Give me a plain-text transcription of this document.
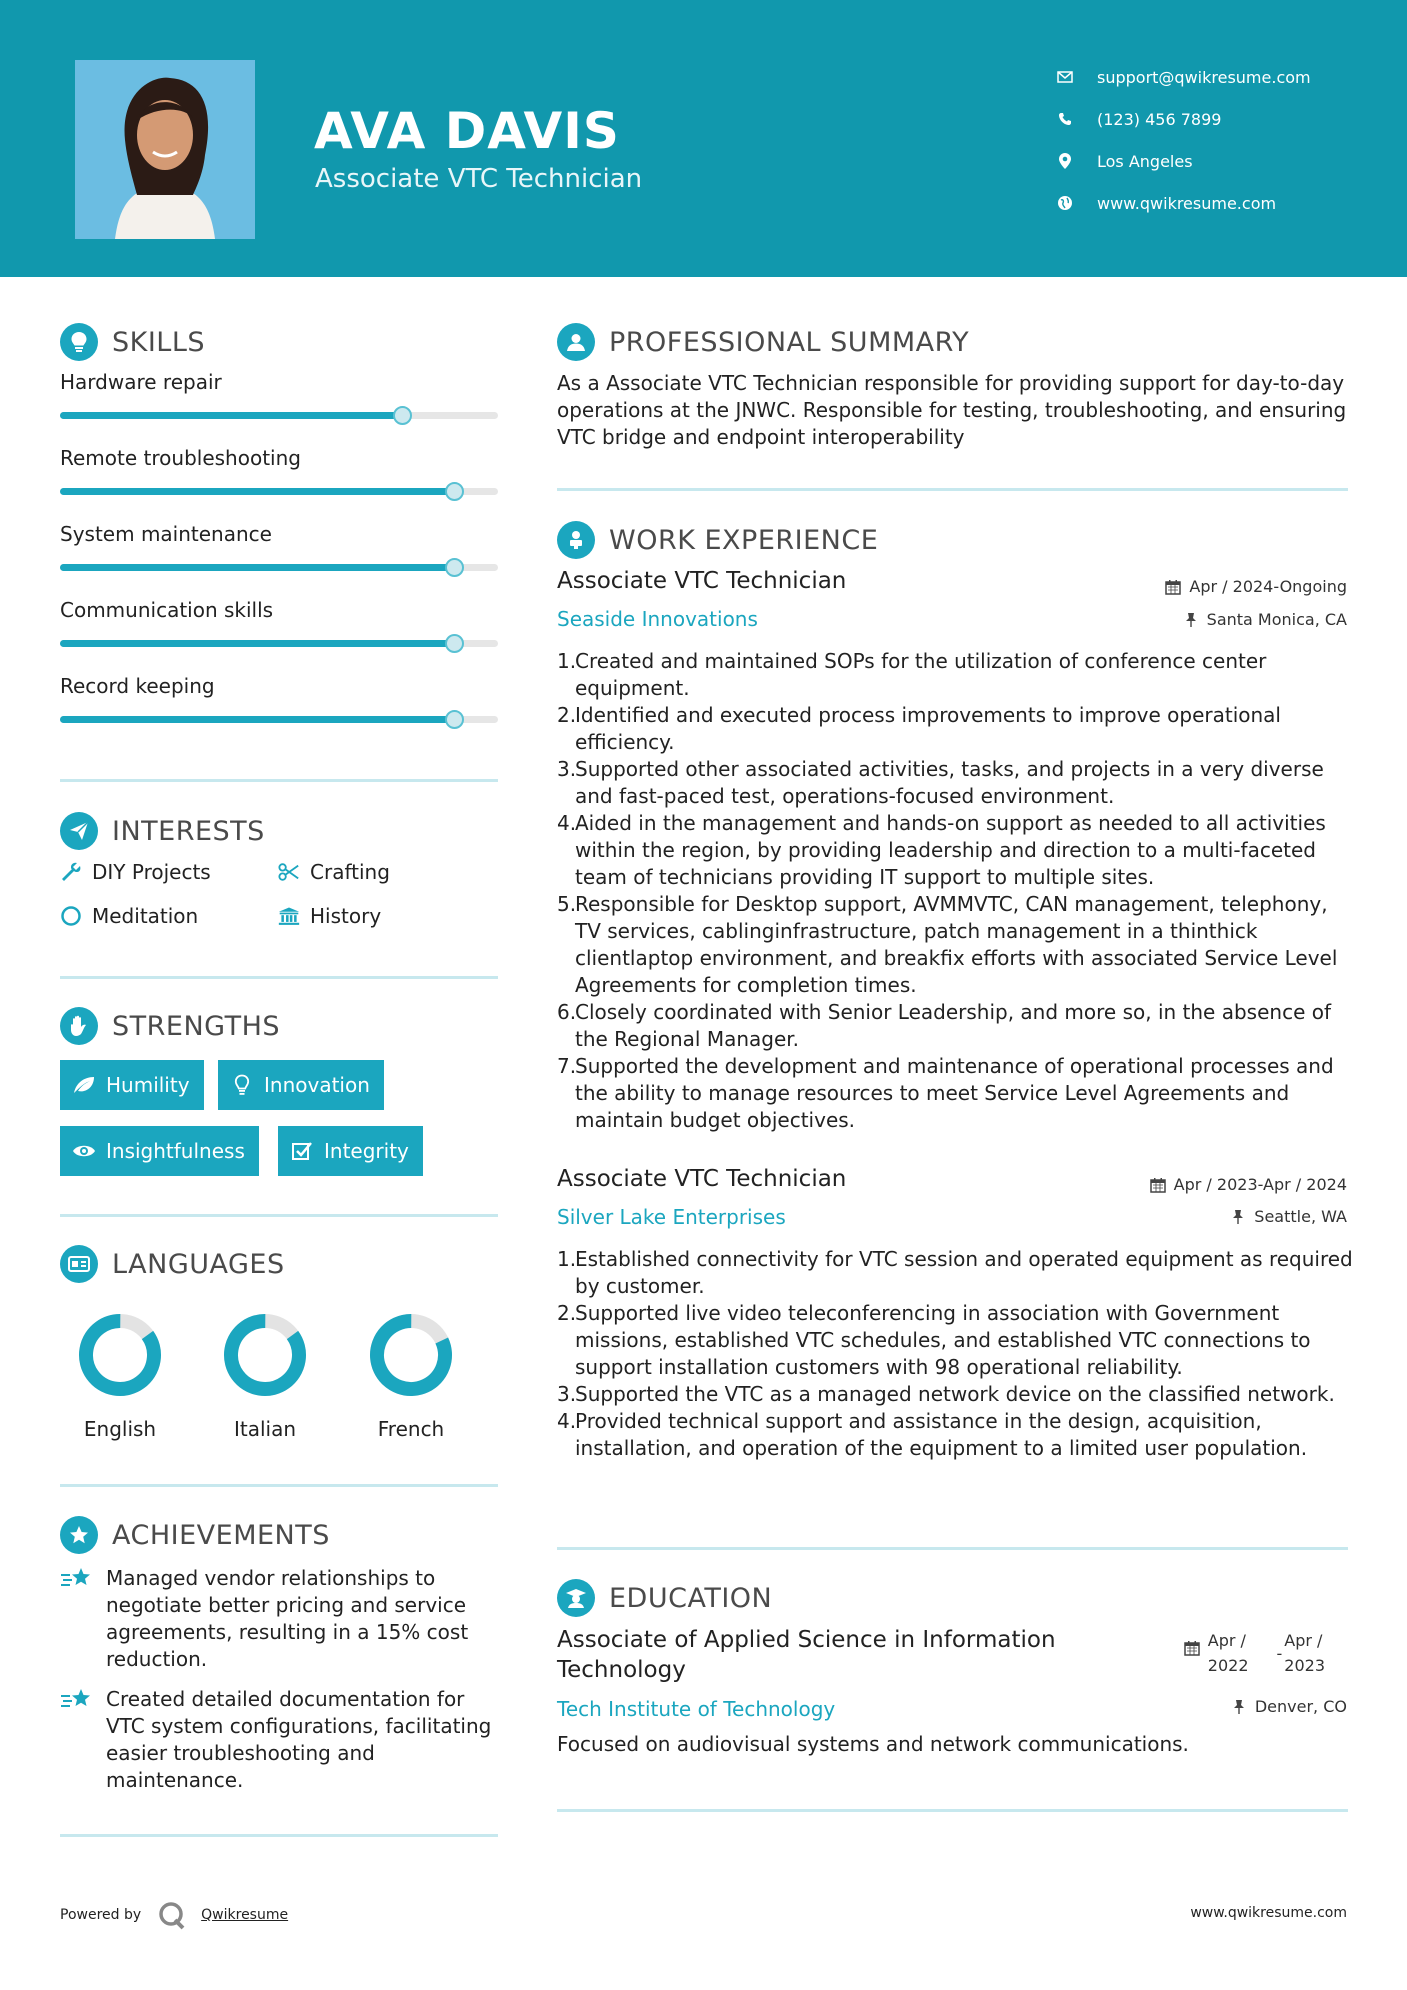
AVA DAVIS
Associate VTC Technician
support@qwikresume.com
(123) 456 7899
Los Angeles
www.qwikresume.com
SKILLS
Hardware repair
Remote troubleshooting
System maintenance
Communication skills
Record keeping
INTERESTS
DIY Projects	Crafting
Meditation	History
STRENGTHS
Humility	Innovation
Insightfulness	Integrity
LANGUAGES
English	Italian	French
ACHIEVEMENTS
Managed vendor relationships to negotiate better pricing and service agreements, resulting in a 15% cost reduction.
Created detailed documentation for VTC system configurations, facilitating easier troubleshooting and maintenance.
PROFESSIONAL SUMMARY
As a Associate VTC Technician responsible for providing support for day-to-day operations at the JNWC. Responsible for testing, troubleshooting, and ensuring VTC bridge and endpoint interoperability
WORK EXPERIENCE
Associate VTC Technician
Seaside Innovations
Apr / 2024-Ongoing
Santa Monica, CA
1.
Created and maintained SOPs for the utilization of conference center equipment.
2.
Identified and executed process improvements to improve operational efficiency.
3.
Supported other associated activities, tasks, and projects in a very diverse and fast-paced test, operations-focused environment.
4.
Aided in the management and hands-on support as needed to all activities within the region, by providing leadership and direction to a multi-faceted team of technicians providing IT support to multiple sites.
5.
Responsible for Desktop support, AVMMVTC, CAN management, telephony, TV services, cablinginfrastructure, patch management in a thinthick clientlaptop environment, and breakfix efforts with associated Service Level Agreements for completion times.
6.
Closely coordinated with Senior Leadership, and more so, in the absence of the Regional Manager.
7.
Supported the development and maintenance of operational processes and the ability to manage resources to meet Service Level Agreements and maintain budget objectives.
Associate VTC Technician
Silver Lake Enterprises
Apr / 2023-Apr / 2024
Seattle, WA
1.
Established connectivity for VTC session and operated equipment as required by customer.
2.
Supported live video teleconferencing in association with Government missions, established VTC schedules, and established VTC connections to support installation customers with 98 operational reliability.
3.
Supported the VTC as a managed network device on the classified network.
4.
Provided technical support and assistance in the design, acquisition, installation, and operation of the equipment to a limited user population.
EDUCATION
Associate of Applied Science in Information Technology
Tech Institute of Technology
Apr /
2022
-
Apr /
2023
Denver, CO
Focused on audiovisual systems and network communications.
Powered by	Qwikresume	www.qwikresume.com
